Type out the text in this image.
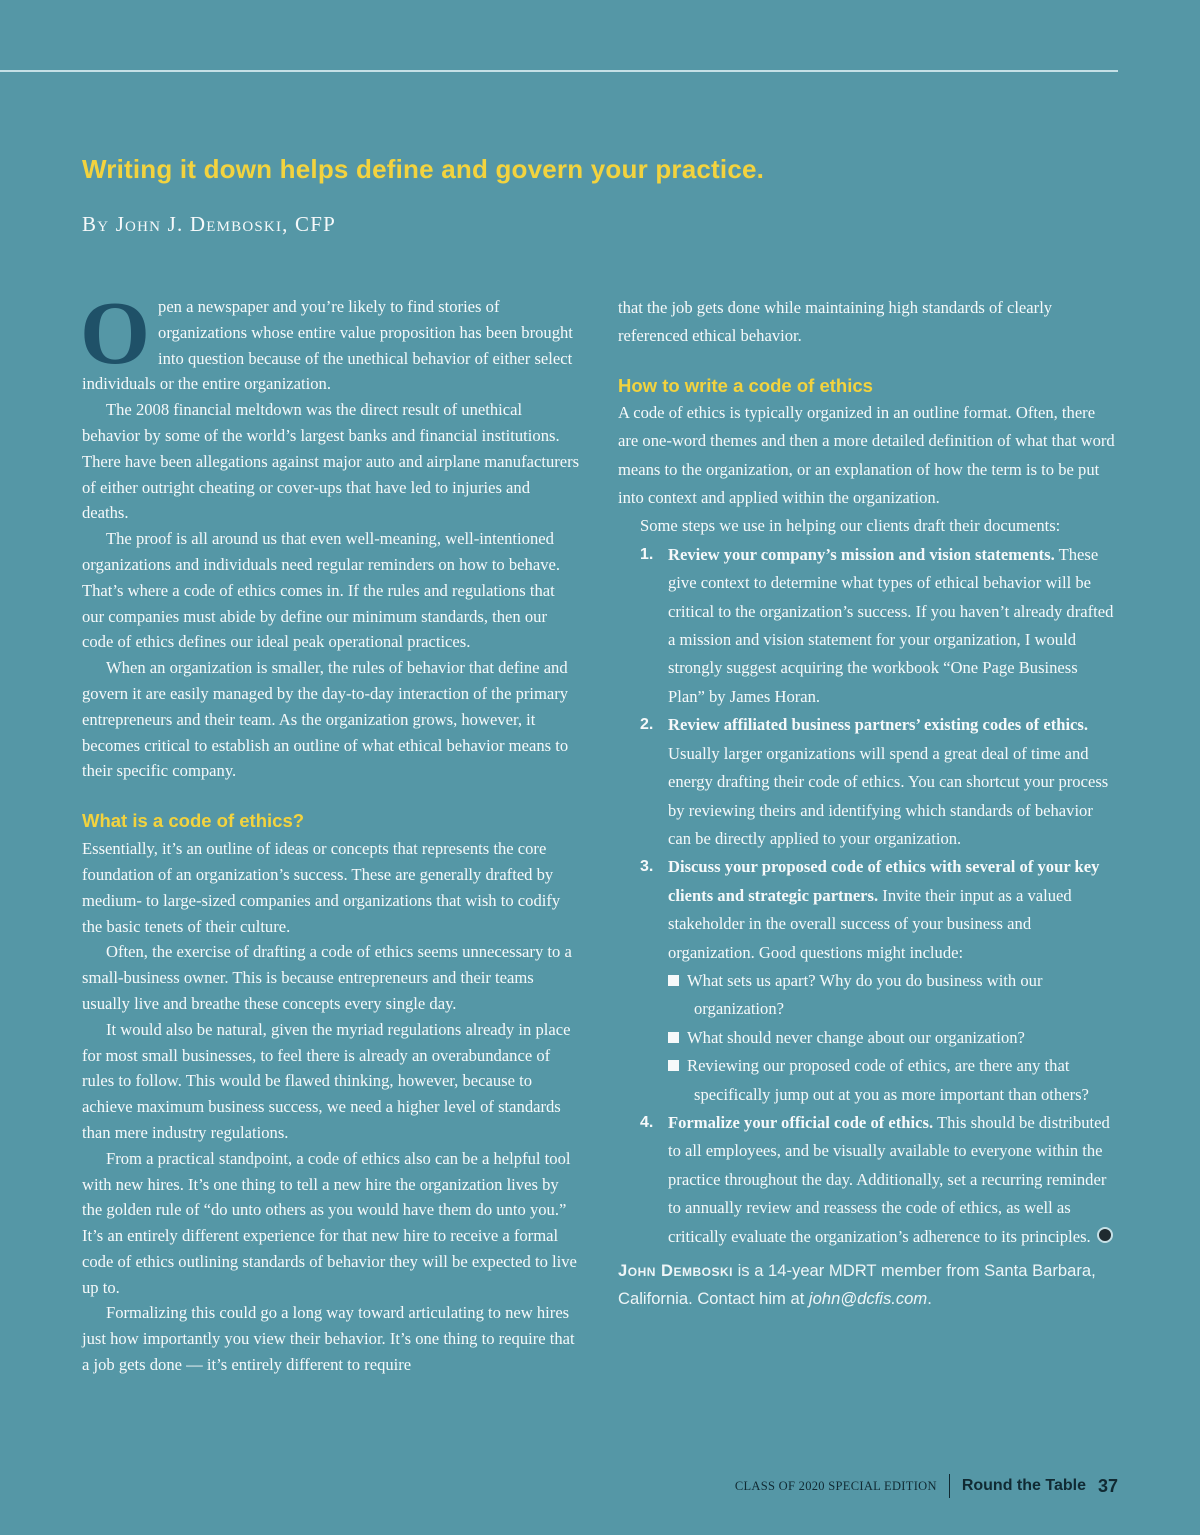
Writing it down helps define and govern your practice.

By John J. Demboski, CFP

Open a newspaper and you’re likely to find stories of organizations whose entire value proposition has been brought into question because of the unethical behavior of either select individuals or the entire organization.

The 2008 financial meltdown was the direct result of unethical behavior by some of the world’s largest banks and financial institutions. There have been allegations against major auto and airplane manufacturers of either outright cheating or cover-ups that have led to injuries and deaths.

The proof is all around us that even well-meaning, well-intentioned organizations and individuals need regular reminders on how to behave. That’s where a code of ethics comes in. If the rules and regulations that our companies must abide by define our minimum standards, then our code of ethics defines our ideal peak operational practices.

When an organization is smaller, the rules of behavior that define and govern it are easily managed by the day-to-day interaction of the primary entrepreneurs and their team. As the organization grows, however, it becomes critical to establish an outline of what ethical behavior means to their specific company.

What is a code of ethics?

Essentially, it’s an outline of ideas or concepts that represents the core foundation of an organization’s success. These are generally drafted by medium- to large-sized companies and organizations that wish to codify the basic tenets of their culture.

Often, the exercise of drafting a code of ethics seems unnecessary to a small-business owner. This is because entrepreneurs and their teams usually live and breathe these concepts every single day.

It would also be natural, given the myriad regulations already in place for most small businesses, to feel there is already an overabundance of rules to follow. This would be flawed thinking, however, because to achieve maximum business success, we need a higher level of standards than mere industry regulations.

From a practical standpoint, a code of ethics also can be a helpful tool with new hires. It’s one thing to tell a new hire the organization lives by the golden rule of “do unto others as you would have them do unto you.” It’s an entirely different experience for that new hire to receive a formal code of ethics outlining standards of behavior they will be expected to live up to.

Formalizing this could go a long way toward articulating to new hires just how importantly you view their behavior. It’s one thing to require that a job gets done — it’s entirely different to require

that the job gets done while maintaining high standards of clearly referenced ethical behavior.

How to write a code of ethics

A code of ethics is typically organized in an outline format. Often, there are one-word themes and then a more detailed definition of what that word means to the organization, or an explanation of how the term is to be put into context and applied within the organization.

Some steps we use in helping our clients draft their documents:

1. Review your company’s mission and vision statements. These give context to determine what types of ethical behavior will be critical to the organization’s success. If you haven’t already drafted a mission and vision statement for your organization, I would strongly suggest acquiring the workbook “One Page Business Plan” by James Horan.
2. Review affiliated business partners’ existing codes of ethics. Usually larger organizations will spend a great deal of time and energy drafting their code of ethics. You can shortcut your process by reviewing theirs and identifying which standards of behavior can be directly applied to your organization.
3. Discuss your proposed code of ethics with several of your key clients and strategic partners. Invite their input as a valued stakeholder in the overall success of your business and organization. Good questions might include:
What sets us apart? Why do you do business with our organization?
What should never change about our organization?
Reviewing our proposed code of ethics, are there any that specifically jump out at you as more important than others?
4. Formalize your official code of ethics. This should be distributed to all employees, and be visually available to everyone within the practice throughout the day. Additionally, set a recurring reminder to annually review and reassess the code of ethics, as well as critically evaluate the organization’s adherence to its principles.

John Demboski is a 14-year MDRT member from Santa Barbara, California. Contact him at john@dcfis.com.

CLASS OF 2020 SPECIAL EDITION Round the Table 37
